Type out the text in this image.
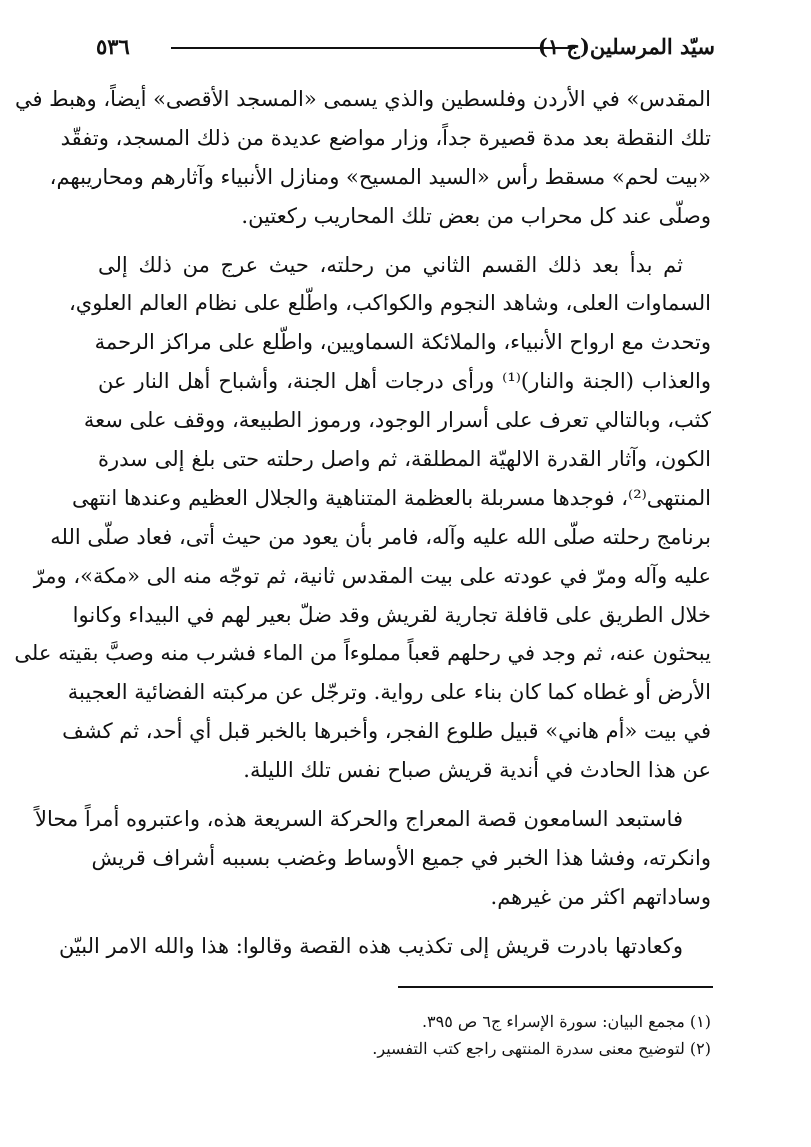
سيّد المرسلين(ج ١)
٥٣٦
المقدس» في الأردن وفلسطين والذي يسمى «المسجد الأقصى» أيضاً، وهبط في
تلك النقطة بعد مدة قصيرة جداً، وزار مواضع عديدة من ذلك المسجد، وتفقّد
«بيت لحم» مسقط رأس «السيد المسيح» ومنازل الأنبياء وآثارهم ومحاريبهم،
وصلّى عند كل محراب من بعض تلك المحاريب ركعتين.
ثم بدأ بعد ذلك القسم الثاني من رحلته، حيث عرج من ذلك إلى
السماوات العلى، وشاهد النجوم والكواكب، واطّلع على نظام العالم العلوي،
وتحدث مع ارواح الأنبياء، والملائكة السماويين، واطّلع على مراكز الرحمة
والعذاب (الجنة والنار)⁽¹⁾ ورأى درجات أهل الجنة، وأشباح أهل النار عن
كثب، وبالتالي تعرف على أسرار الوجود، ورموز الطبيعة، ووقف على سعة
الكون، وآثار القدرة الالهيّة المطلقة، ثم واصل رحلته حتى بلغ إلى سدرة
المنتهى⁽²⁾، فوجدها مسربلة بالعظمة المتناهية والجلال العظيم وعندها انتهى
برنامج رحلته صلّى الله عليه وآله، فامر بأن يعود من حيث أتى، فعاد صلّى الله
عليه وآله ومرّ في عودته على بيت المقدس ثانية، ثم توجّه منه الى «مكة»، ومرّ
خلال الطريق على قافلة تجارية لقريش وقد ضلّ بعير لهم في البيداء وكانوا
يبحثون عنه، ثم وجد في رحلهم قعباً مملوءاً من الماء فشرب منه وصبَّ بقيته على
الأرض أو غطاه كما كان بناء على رواية. وترجّل عن مركبته الفضائية العجيبة
في بيت «أم هاني» قبيل طلوع الفجر، وأخبرها بالخبر قبل أي أحد، ثم كشف
عن هذا الحادث في أندية قريش صباح نفس تلك الليلة.
فاستبعد السامعون قصة المعراج والحركة السريعة هذه، واعتبروه أمراً محالاً
وانكرته، وفشا هذا الخبر في جميع الأوساط وغضب بسببه أشراف قريش
وساداتهم اكثر من غيرهم.
وكعادتها بادرت قريش إلى تكذيب هذه القصة وقالوا: هذا والله الامر البيّن
(١) مجمع البيان: سورة الإسراء ج٦ ص ٣٩٥.
(٢) لتوضيح معنى سدرة المنتهى راجع كتب التفسير.
